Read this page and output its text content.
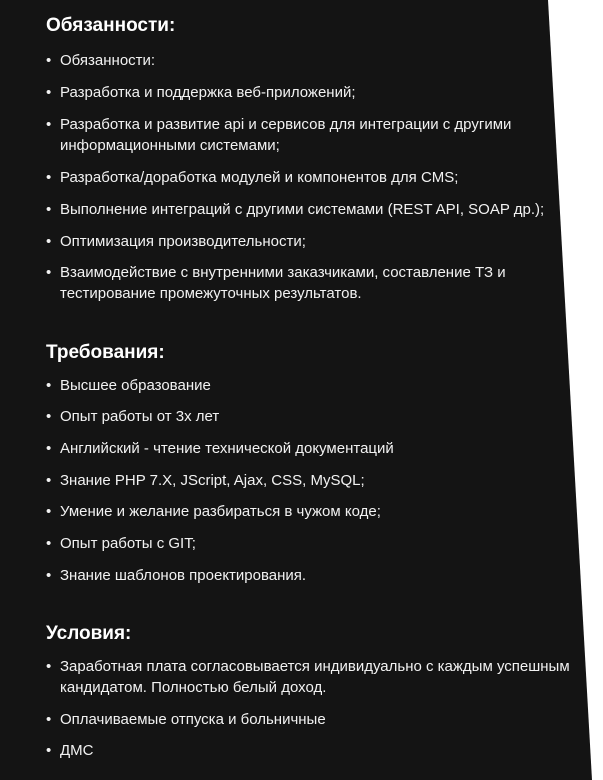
Обязанности:
• Обязанности:
• Разработка и поддержка веб-приложений;
• Разработка и развитие api и сервисов для интеграции с другими информационными системами;
• Разработка/доработка модулей и компонентов для CMS;
• Выполнение интеграций с другими системами (REST API, SOAP др.);
• Оптимизация производительности;
• Взаимодействие с внутренними заказчиками, составление ТЗ и тестирование промежуточных результатов.
Требования:
• Высшее образование
• Опыт работы от 3х лет
• Английский - чтение технической документаций
• Знание PHP 7.X, JScript, Ajax, CSS, MySQL;
• Умение и желание разбираться в чужом коде;
• Опыт работы с GIT;
• Знание шаблонов проектирования.
Условия:
• Заработная плата согласовывается индивидуально с каждым успешным кандидатом. Полностью белый доход.
• Оплачиваемые отпуска и больничные
• ДМС
